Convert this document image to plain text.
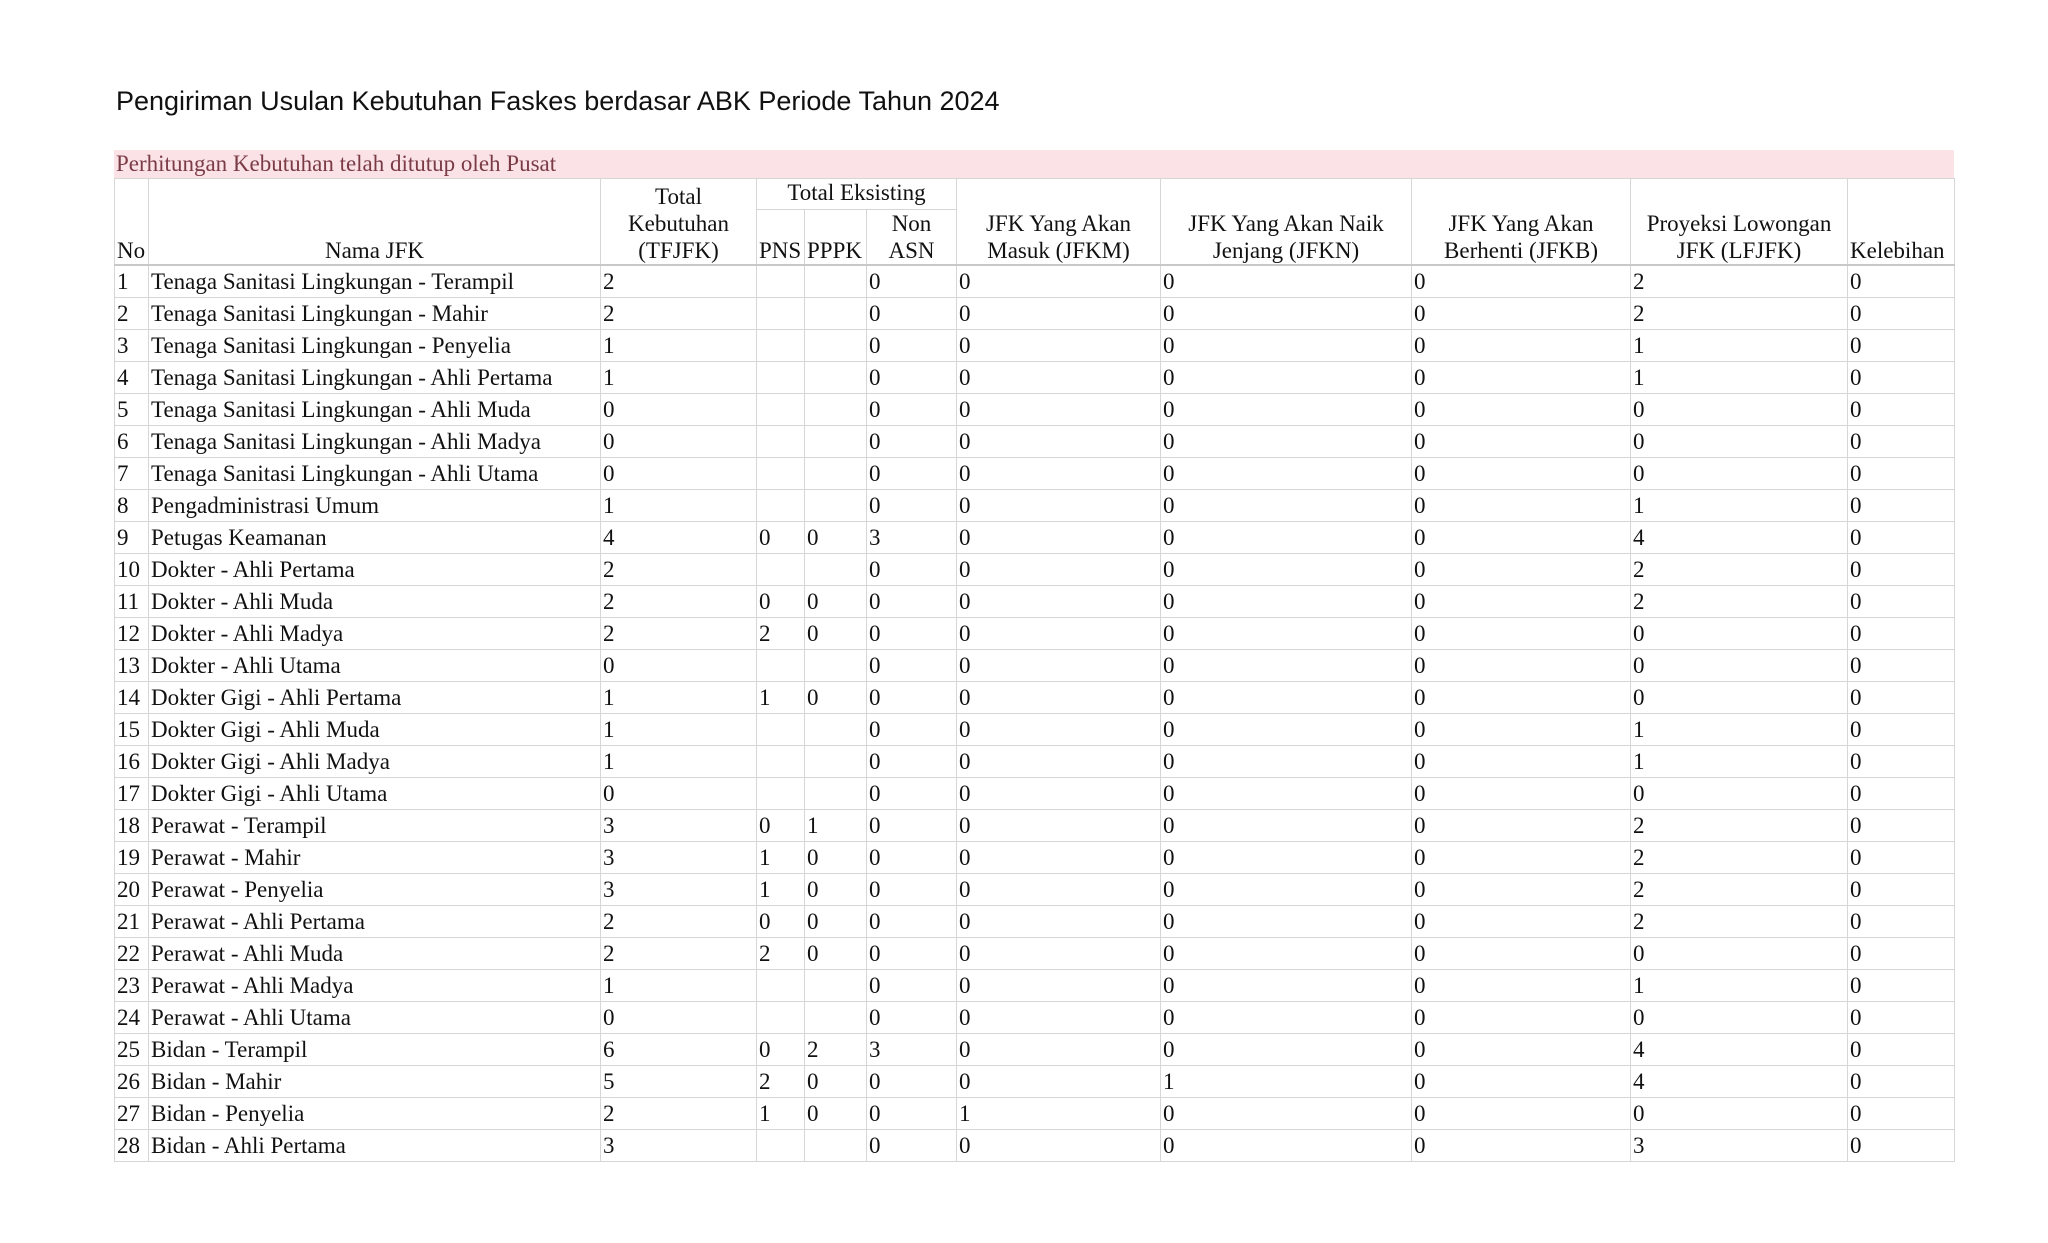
Pengiriman Usulan Kebutuhan Faskes berdasar ABK Periode Tahun 2024
Perhitungan Kebutuhan telah ditutup oleh Pusat
No	Nama JFK	Total Kebutuhan (TFJFK)	Total Eksisting			JFK Yang Akan Masuk (JFKM)	JFK Yang Akan Naik Jenjang (JFKN)	JFK Yang Akan Berhenti (JFKB)	Proyeksi Lowongan JFK (LFJFK)	Kelebihan
			PNS	PPPK	Non ASN					
1	Tenaga Sanitasi Lingkungan - Terampil	2			0	0	0	0	2	0
2	Tenaga Sanitasi Lingkungan - Mahir	2			0	0	0	0	2	0
3	Tenaga Sanitasi Lingkungan - Penyelia	1			0	0	0	0	1	0
4	Tenaga Sanitasi Lingkungan - Ahli Pertama	1			0	0	0	0	1	0
5	Tenaga Sanitasi Lingkungan - Ahli Muda	0			0	0	0	0	0	0
6	Tenaga Sanitasi Lingkungan - Ahli Madya	0			0	0	0	0	0	0
7	Tenaga Sanitasi Lingkungan - Ahli Utama	0			0	0	0	0	0	0
8	Pengadministrasi Umum	1			0	0	0	0	1	0
9	Petugas Keamanan	4	0	0	3	0	0	0	4	0
10	Dokter - Ahli Pertama	2			0	0	0	0	2	0
11	Dokter - Ahli Muda	2	0	0	0	0	0	0	2	0
12	Dokter - Ahli Madya	2	2	0	0	0	0	0	0	0
13	Dokter - Ahli Utama	0			0	0	0	0	0	0
14	Dokter Gigi - Ahli Pertama	1	1	0	0	0	0	0	0	0
15	Dokter Gigi - Ahli Muda	1			0	0	0	0	1	0
16	Dokter Gigi - Ahli Madya	1			0	0	0	0	1	0
17	Dokter Gigi - Ahli Utama	0			0	0	0	0	0	0
18	Perawat - Terampil	3	0	1	0	0	0	0	2	0
19	Perawat - Mahir	3	1	0	0	0	0	0	2	0
20	Perawat - Penyelia	3	1	0	0	0	0	0	2	0
21	Perawat - Ahli Pertama	2	0	0	0	0	0	0	2	0
22	Perawat - Ahli Muda	2	2	0	0	0	0	0	0	0
23	Perawat - Ahli Madya	1			0	0	0	0	1	0
24	Perawat - Ahli Utama	0			0	0	0	0	0	0
25	Bidan - Terampil	6	0	2	3	0	0	0	4	0
26	Bidan - Mahir	5	2	0	0	0	1	0	4	0
27	Bidan - Penyelia	2	1	0	0	1	0	0	0	0
28	Bidan - Ahli Pertama	3			0	0	0	0	3	0
